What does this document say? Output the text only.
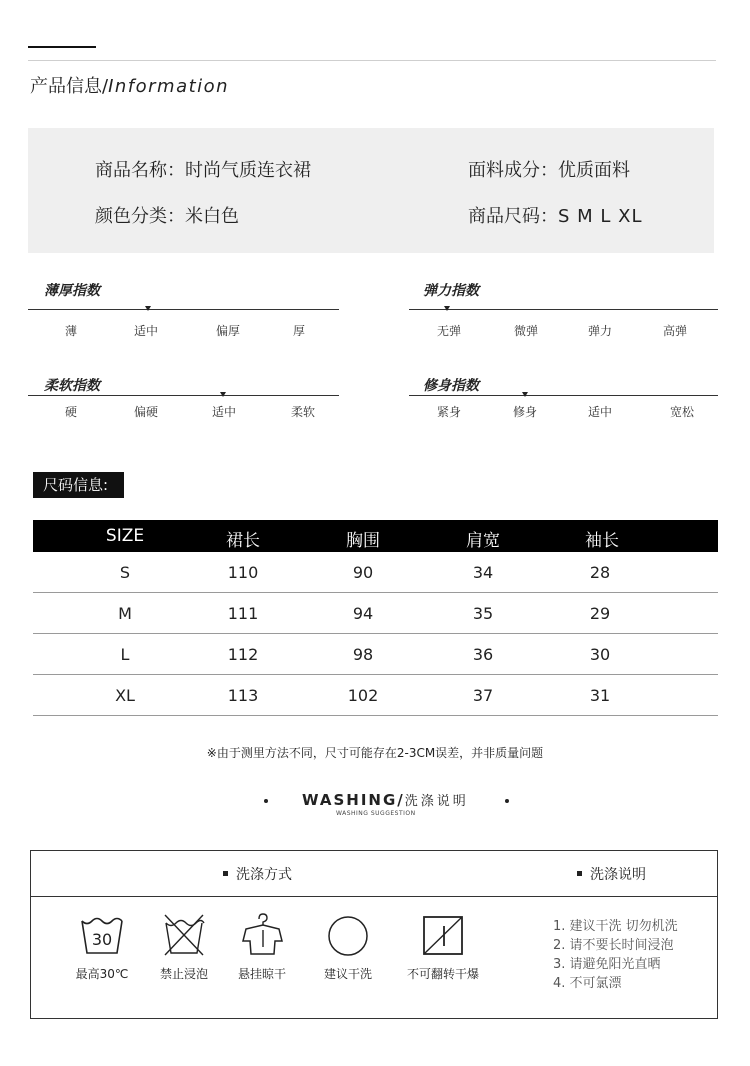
产品信息/Information
商品名称：时尚气质连衣裙	面料成分：优质面料
颜色分类：米白色	商品尺码：S M L XL
薄厚指数
薄	适中	偏厚	厚
弹力指数
无弹	微弹	弹力	高弹
柔软指数
硬	偏硬	适中	柔软
修身指数
紧身	修身	适中	宽松
尺码信息:
SIZE	裙长	胸围	肩宽	袖长
S	110	90	34	28
M	111	94	35	29
L	112	98	36	30
XL	113	102	37	31
※由于测里方法不同，尺寸可能存在2-3CM误差，并非质量问题
WASHING/洗涤说明
WASHING SUGGESTION
洗涤方式	洗涤说明
30
最高30℃	禁止浸泡	悬挂晾干	建议干洗	不可翻转干爆
1. 建议干洗 切勿机洗
2. 请不要长时间浸泡
3. 请避免阳光直晒
4. 不可氯漂
